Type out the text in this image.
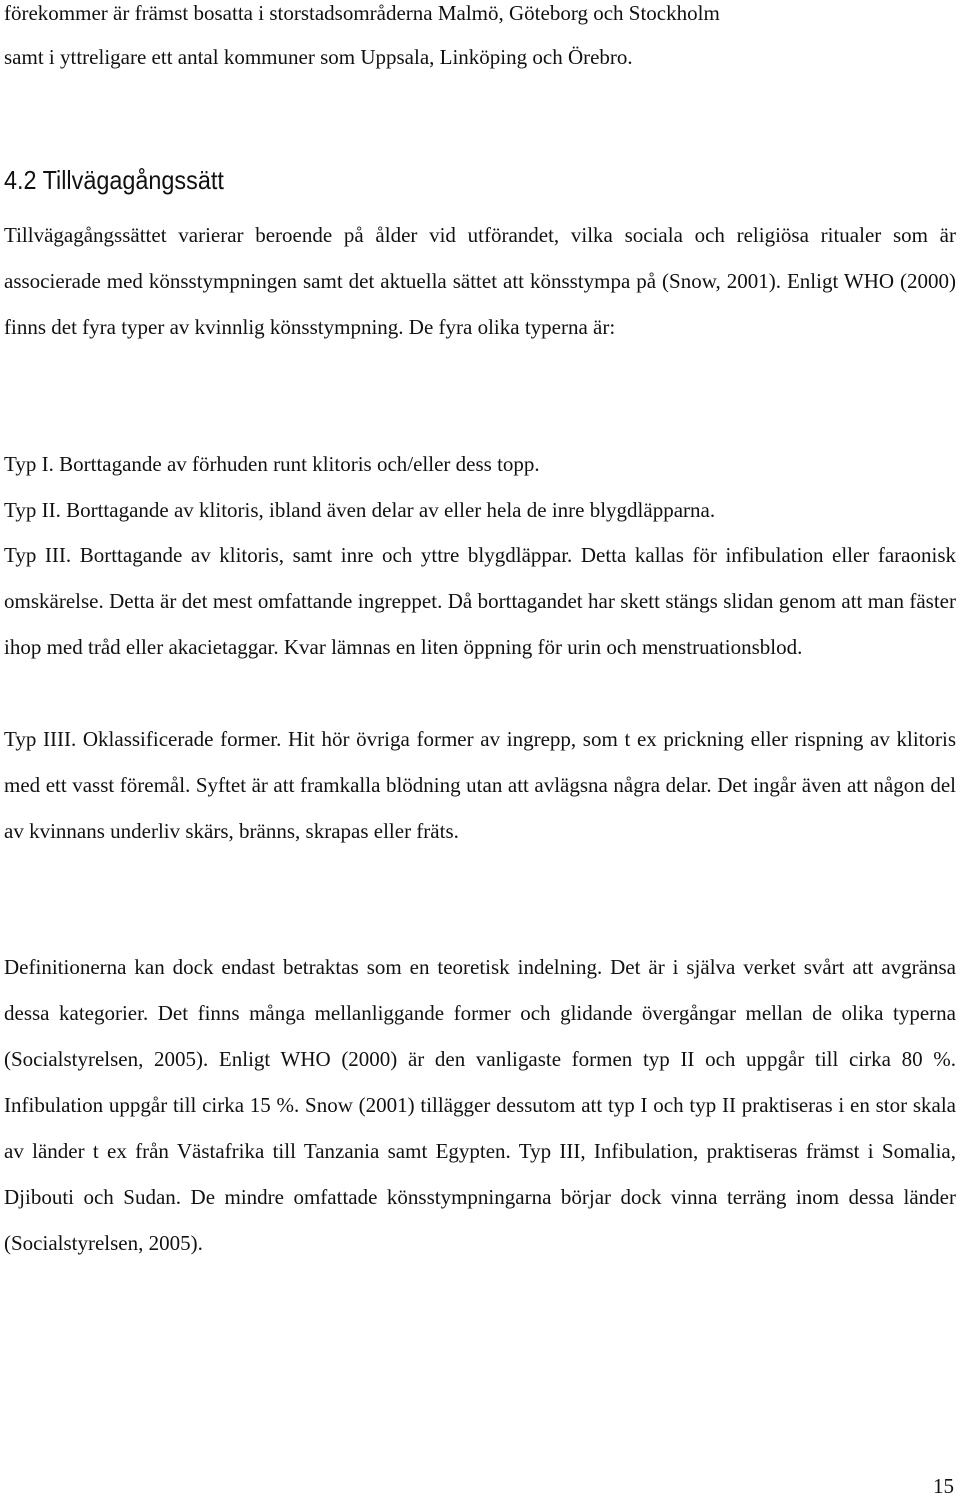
förekommer är främst bosatta i storstadsområderna Malmö, Göteborg och Stockholm

samt i yttreligare ett antal kommuner som Uppsala, Linköping och Örebro.

4.2 Tillvägagångssätt

Tillvägagångssättet varierar beroende på ålder vid utförandet, vilka sociala och religiösa ritualer som är associerade med könsstympningen samt det aktuella sättet att könsstympa på (Snow, 2001). Enligt WHO (2000) finns det fyra typer av kvinnlig könsstympning. De fyra olika typerna är:

Typ I. Borttagande av förhuden runt klitoris och/eller dess topp.

Typ II. Borttagande av klitoris, ibland även delar av eller hela de inre blygdläpparna.

Typ III. Borttagande av klitoris, samt inre och yttre blygdläppar. Detta kallas för infibulation eller faraonisk omskärelse. Detta är det mest omfattande ingreppet. Då borttagandet har skett stängs slidan genom att man fäster ihop med tråd eller akacietaggar. Kvar lämnas en liten öppning för urin och menstruationsblod.

Typ IIII. Oklassificerade former. Hit hör övriga former av ingrepp, som t ex prickning eller rispning av klitoris med ett vasst föremål. Syftet är att framkalla blödning utan att avlägsna några delar. Det ingår även att någon del av kvinnans underliv skärs, bränns, skrapas eller fräts.

Definitionerna kan dock endast betraktas som en teoretisk indelning. Det är i själva verket svårt att avgränsa dessa kategorier. Det finns många mellanliggande former och glidande övergångar mellan de olika typerna (Socialstyrelsen, 2005). Enligt WHO (2000) är den vanligaste formen typ II och uppgår till cirka 80 %. Infibulation uppgår till cirka 15 %. Snow (2001) tillägger dessutom att typ I och typ II praktiseras i en stor skala av länder t ex från Västafrika till Tanzania samt Egypten. Typ III, Infibulation, praktiseras främst i Somalia, Djibouti och Sudan. De mindre omfattade könsstympningarna börjar dock vinna terräng inom dessa länder (Socialstyrelsen, 2005).

15
